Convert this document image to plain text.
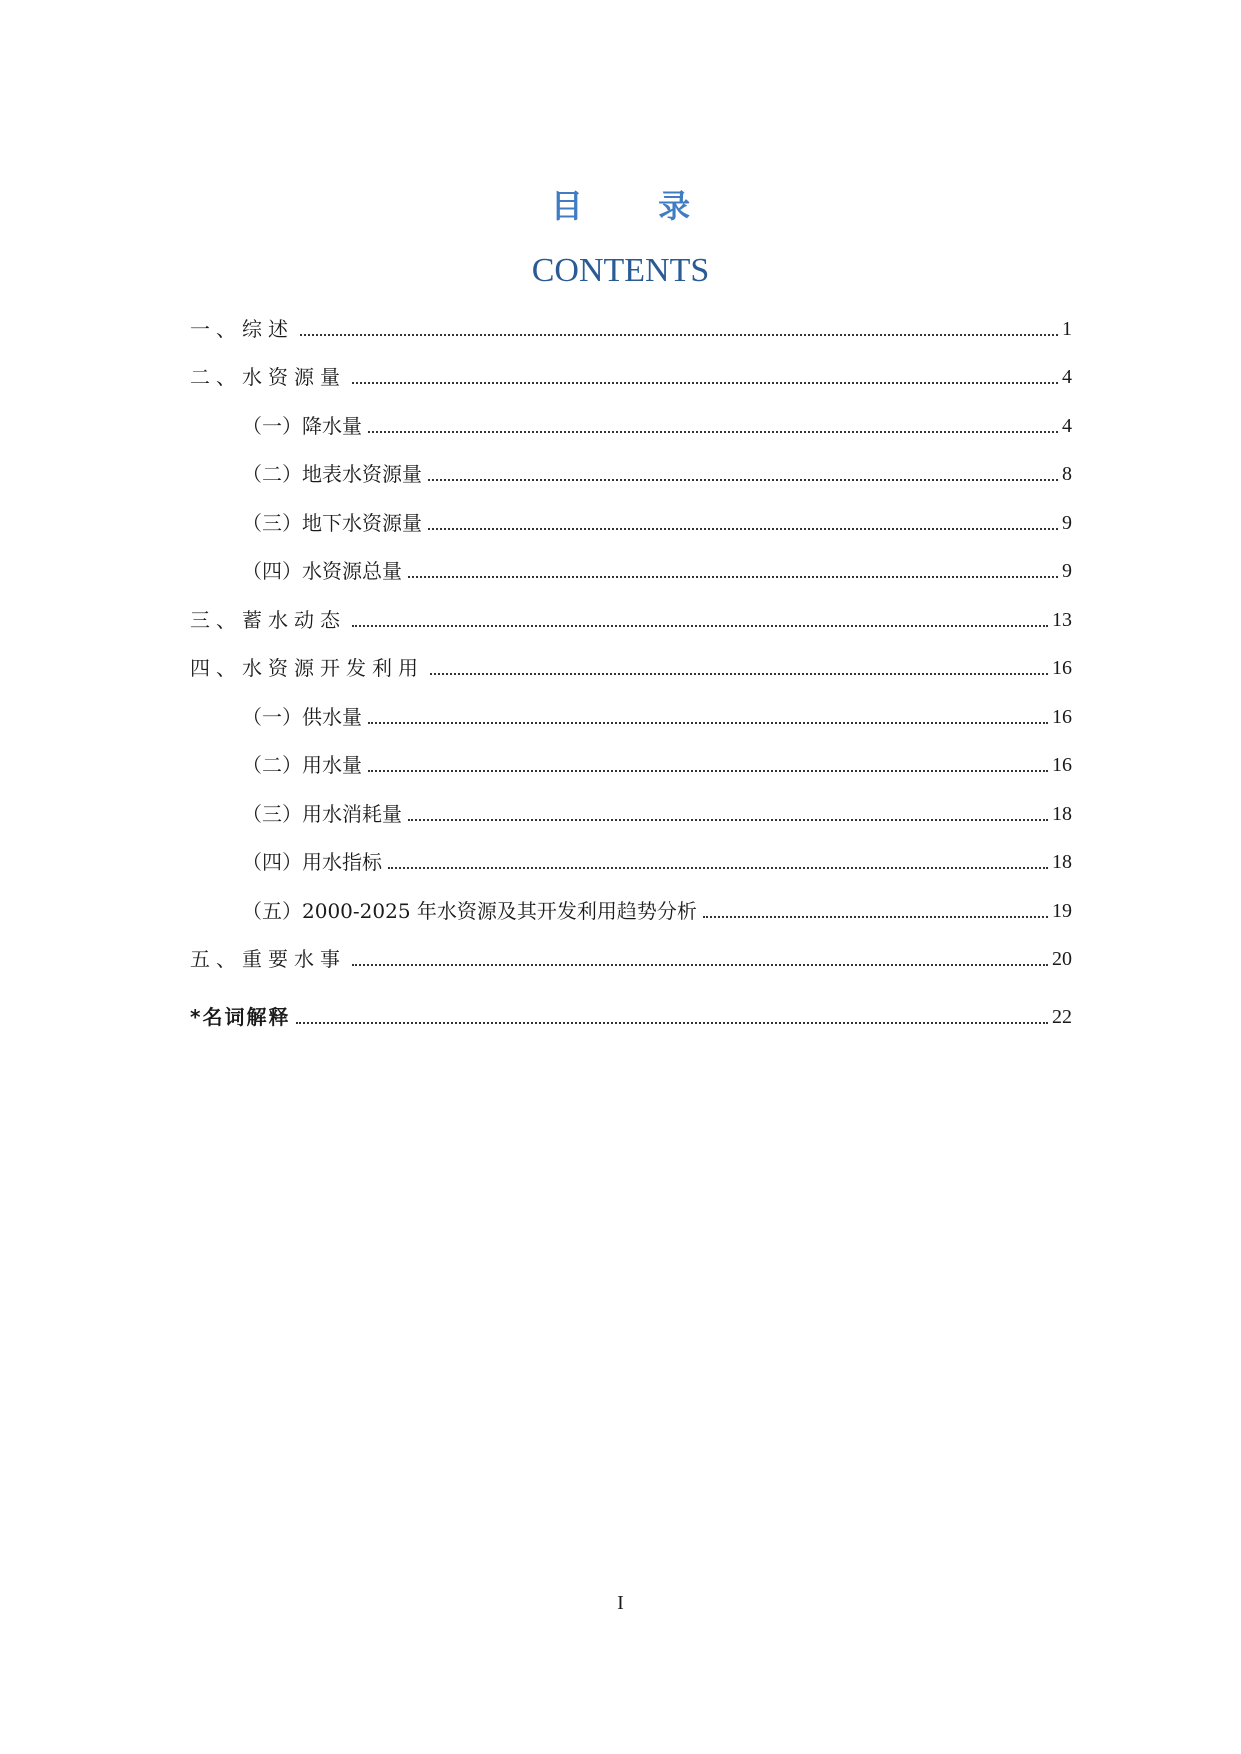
目 录
CONTENTS
一、综述	1
二、水资源量	4
（一）降水量	4
（二）地表水资源量	8
（三）地下水资源量	9
（四）水资源总量	9
三、蓄水动态	13
四、水资源开发利用	16
（一）供水量	16
（二）用水量	16
（三）用水消耗量	18
（四）用水指标	18
（五）2000-2025 年水资源及其开发利用趋势分析	19
五、重要水事	20
*名词解释	22
I
